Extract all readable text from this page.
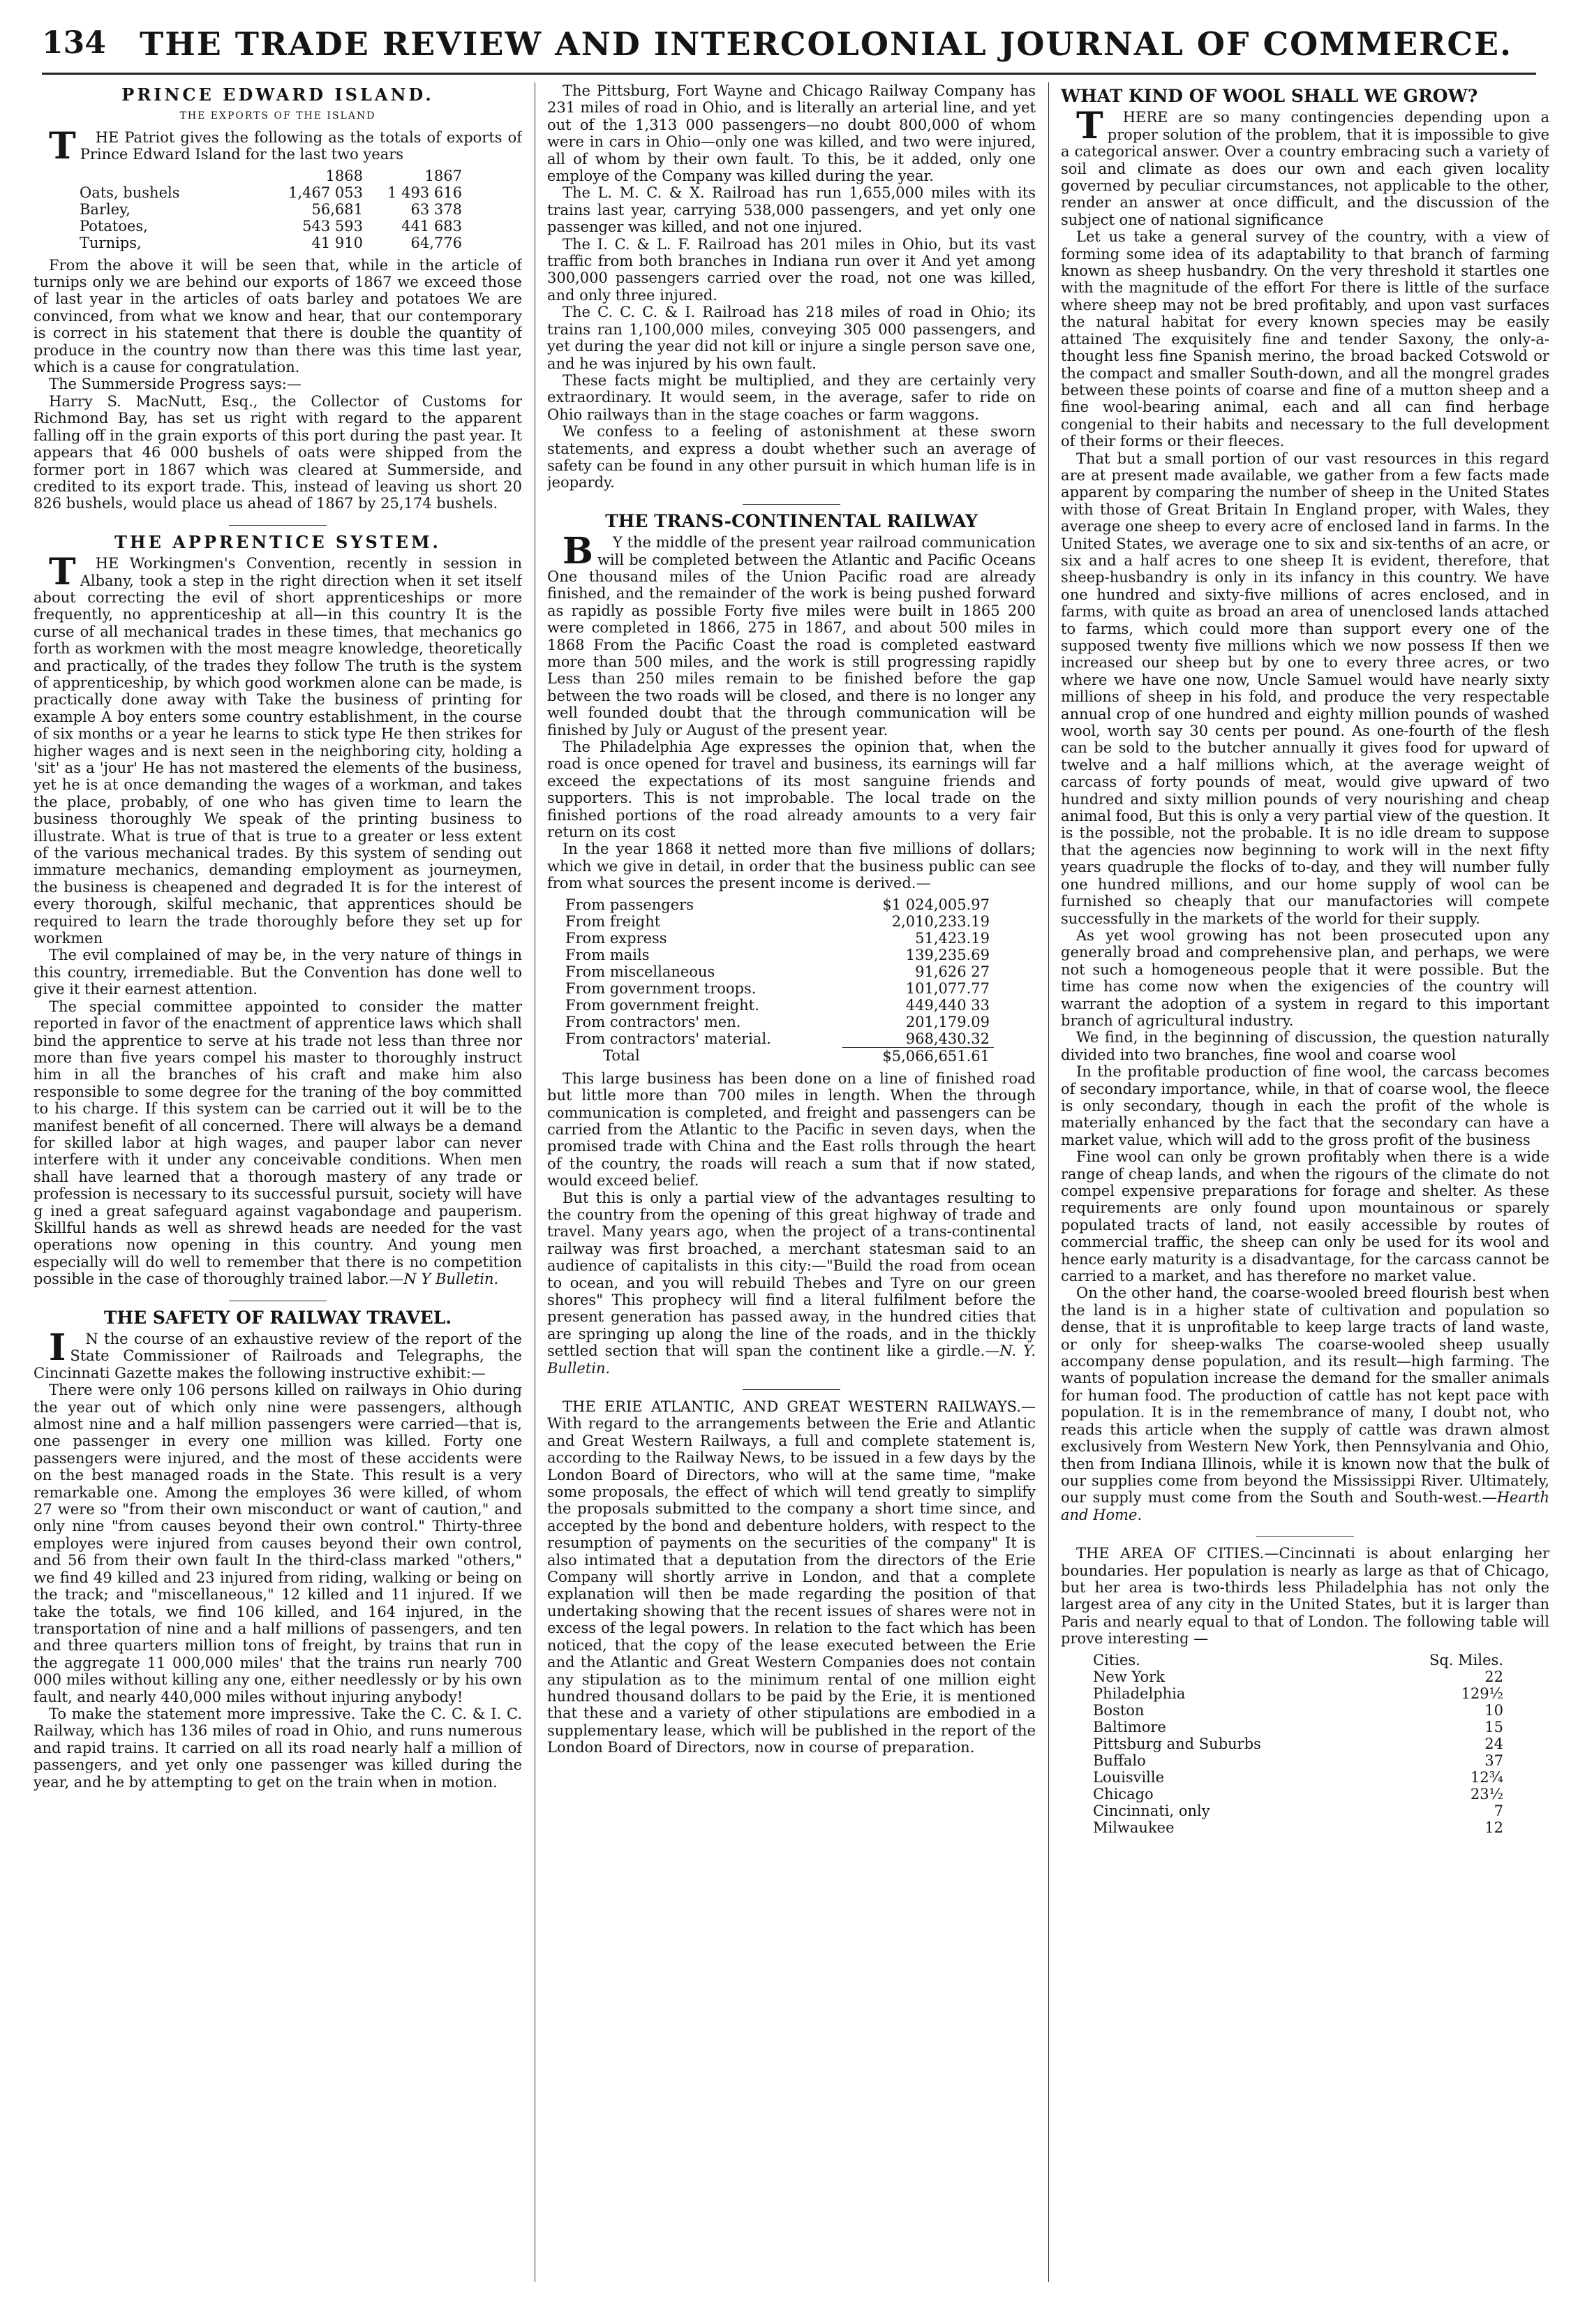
134 THE TRADE REVIEW AND INTERCOLONIAL JOURNAL OF COMMERCE.
PRINCE EDWARD ISLAND.
THE EXPORTS OF THE ISLAND

THE Patriot gives the following as the totals of exports of Prince Edward Island for the last two years

	1868	1867
Oats, bushels	1,467 053	1 493 616
Barley,	56,681	63 378
Potatoes,	543 593	441 683
Turnips,	41 910	64,776

From the above it will be seen that, while in the article of turnips only we are behind our exports of 1867 we exceed those of last year in the articles of oats barley and potatoes We are convinced, from what we know and hear, that our contemporary is correct in his statement that there is double the quantity of produce in the country now than there was this time last year, which is a cause for congratulation.

The Summerside Progress says:—

Harry S. MacNutt, Esq., the Collector of Customs for Richmond Bay, has set us right with regard to the apparent falling off in the grain exports of this port during the past year. It appears that 46 000 bushels of oats were shipped from the former port in 1867 which was cleared at Summerside, and credited to its export trade. This, instead of leaving us short 20 826 bushels, would place us ahead of 1867 by 25,174 bushels.

THE APPRENTICE SYSTEM.

THE Workingmen's Convention, recently in session in Albany, took a step in the right direction when it set itself about correcting the evil of short apprenticeships or more frequently, no apprenticeship at all—in this country It is the curse of all mechanical trades in these times, that mechanics go forth as workmen with the most meagre knowledge, theoretically and practically, of the trades they follow The truth is the system of apprenticeship, by which good workmen alone can be made, is practically done away with Take the business of printing for example A boy enters some country establishment, in the course of six months or a year he learns to stick type He then strikes for higher wages and is next seen in the neighboring city, holding a 'sit' as a 'jour' He has not mastered the elements of the business, yet he is at once demanding the wages of a workman, and takes the place, probably, of one who has given time to learn the business thoroughly We speak of the printing business to illustrate. What is true of that is true to a greater or less extent of the various mechanical trades. By this system of sending out immature mechanics, demanding employment as journeymen, the business is cheapened and degraded It is for the interest of every thorough, skilful mechanic, that apprentices should be required to learn the trade thoroughly before they set up for workmen

The evil complained of may be, in the very nature of things in this country, irremediable. But the Convention has done well to give it their earnest attention.

The special committee appointed to consider the matter reported in favor of the enactment of apprentice laws which shall bind the apprentice to serve at his trade not less than three nor more than five years compel his master to thoroughly instruct him in all the branches of his craft and make him also responsible to some degree for the traning of the boy committed to his charge. If this system can be carried out it will be to the manifest benefit of all concerned. There will always be a demand for skilled labor at high wages, and pauper labor can never interfere with it under any conceivable conditions. When men shall have learned that a thorough mastery of any trade or profession is necessary to its successful pursuit, society will have g ined a great safeguard against vagabondage and pauperism. Skillful hands as well as shrewd heads are needed for the vast operations now opening in this country. And young men especially will do well to remember that there is no competition possible in the case of thoroughly trained labor.—N Y Bulletin.

THE SAFETY OF RAILWAY TRAVEL.

IN the course of an exhaustive review of the report of the State Commissioner of Railroads and Telegraphs, the Cincinnati Gazette makes the following instructive exhibit:—

There were only 106 persons killed on railways in Ohio during the year out of which only nine were passengers, although almost nine and a half million passengers were carried—that is, one passenger in every one million was killed. Forty one passengers were injured, and the most of these accidents were on the best managed roads in the State. This result is a very remarkable one. Among the employes 36 were killed, of whom 27 were so "from their own misconduct or want of caution," and only nine "from causes beyond their own control." Thirty-three employes were injured from causes beyond their own control, and 56 from their own fault In the third-class marked "others," we find 49 killed and 23 injured from riding, walking or being on the track; and "miscellaneous," 12 killed and 11 injured. If we take the totals, we find 106 killed, and 164 injured, in the transportation of nine and a half millions of passengers, and ten and three quarters million tons of freight, by trains that run in the aggregate 11 000,000 miles' that the trains run nearly 700 000 miles without killing any one, either needlessly or by his own fault, and nearly 440,000 miles without injuring anybody!

To make the statement more impressive. Take the C. C. & I. C. Railway, which has 136 miles of road in Ohio, and runs numerous and rapid trains. It carried on all its road nearly half a million of passengers, and yet only one passenger was killed during the year, and he by attempting to get on the train when in motion.

The Pittsburg, Fort Wayne and Chicago Railway Company has 231 miles of road in Ohio, and is literally an arterial line, and yet out of the 1,313 000 passengers—no doubt 800,000 of whom were in cars in Ohio—only one was killed, and two were injured, all of whom by their own fault. To this, be it added, only one employe of the Company was killed during the year.

The L. M. C. & X. Railroad has run 1,655,000 miles with its trains last year, carrying 538,000 passengers, and yet only one passenger was killed, and not one injured.

The I. C. & L. F. Railroad has 201 miles in Ohio, but its vast traffic from both branches in Indiana run over it And yet among 300,000 passengers carried over the road, not one was killed, and only three injured.

The C. C. C. & I. Railroad has 218 miles of road in Ohio; its trains ran 1,100,000 miles, conveying 305 000 passengers, and yet during the year did not kill or injure a single person save one, and he was injured by his own fault.

These facts might be multiplied, and they are certainly very extraordinary. It would seem, in the average, safer to ride on Ohio railways than in the stage coaches or farm waggons.

We confess to a feeling of astonishment at these sworn statements, and express a doubt whether such an average of safety can be found in any other pursuit in which human life is in jeopardy.

THE TRANS-CONTINENTAL RAILWAY

BY the middle of the present year railroad communication will be completed between the Atlantic and Pacific Oceans One thousand miles of the Union Pacific road are already finished, and the remainder of the work is being pushed forward as rapidly as possible Forty five miles were built in 1865 200 were completed in 1866, 275 in 1867, and about 500 miles in 1868 From the Pacific Coast the road is completed eastward more than 500 miles, and the work is still progressing rapidly Less than 250 miles remain to be finished before the gap between the two roads will be closed, and there is no longer any well founded doubt that the through communication will be finished by July or August of the present year.

The Philadelphia Age expresses the opinion that, when the road is once opened for travel and business, its earnings will far exceed the expectations of its most sanguine friends and supporters. This is not improbable. The local trade on the finished portions of the road already amounts to a very fair return on its cost

In the year 1868 it netted more than five millions of dollars; which we give in detail, in order that the business public can see from what sources the present income is derived.—

From passengers	$1 024,005.97
From freight	2,010,233.19
From express	51,423.19
From mails	139,235.69
From miscellaneous	91,626 27
From government troops.	101,077.77
From government freight.	449,440 33
From contractors' men.	201,179.09
From contractors' material.	968,430.32
Total	$5,066,651.61

This large business has been done on a line of finished road but little more than 700 miles in length. When the through communication is completed, and freight and passengers can be carried from the Atlantic to the Pacific in seven days, when the promised trade with China and the East rolls through the heart of the country, the roads will reach a sum that if now stated, would exceed belief.

But this is only a partial view of the advantages resulting to the country from the opening of this great highway of trade and travel. Many years ago, when the project of a trans-continental railway was first broached, a merchant statesman said to an audience of capitalists in this city:—"Build the road from ocean to ocean, and you will rebuild Thebes and Tyre on our green shores" This prophecy will find a literal fulfilment before the present generation has passed away, in the hundred cities that are springing up along the line of the roads, and in the thickly settled section that will span the continent like a girdle.—N. Y. Bulletin.

THE ERIE ATLANTIC, AND GREAT WESTERN RAILWAYS.—With regard to the arrangements between the Erie and Atlantic and Great Western Railways, a full and complete statement is, according to the Railway News, to be issued in a few days by the London Board of Directors, who will at the same time, "make some proposals, the effect of which will tend greatly to simplify the proposals submitted to the company a short time since, and accepted by the bond and debenture holders, with respect to the resumption of payments on the securities of the company" It is also intimated that a deputation from the directors of the Erie Company will shortly arrive in London, and that a complete explanation will then be made regarding the position of that undertaking showing that the recent issues of shares were not in excess of the legal powers. In relation to the fact which has been noticed, that the copy of the lease executed between the Erie and the Atlantic and Great Western Companies does not contain any stipulation as to the minimum rental of one million eight hundred thousand dollars to be paid by the Erie, it is mentioned that these and a variety of other stipulations are embodied in a supplementary lease, which will be published in the report of the London Board of Directors, now in course of preparation.

WHAT KIND OF WOOL SHALL WE GROW?

THERE are so many contingencies depending upon a proper solution of the problem, that it is impossible to give a categorical answer. Over a country embracing such a variety of soil and climate as does our own and each given locality governed by peculiar circumstances, not applicable to the other, render an answer at once difficult, and the discussion of the subject one of national significance

Let us take a general survey of the country, with a view of forming some idea of its adaptability to that branch of farming known as sheep husbandry. On the very threshold it startles one with the magnitude of the effort For there is little of the surface where sheep may not be bred profitably, and upon vast surfaces the natural habitat for every known species may be easily attained The exquisitely fine and tender Saxony, the only-a-thought less fine Spanish merino, the broad backed Cotswold or the compact and smaller South-down, and all the mongrel grades between these points of coarse and fine of a mutton sheep and a fine wool-bearing animal, each and all can find herbage congenial to their habits and necessary to the full development of their forms or their fleeces.

That but a small portion of our vast resources in this regard are at present made available, we gather from a few facts made apparent by comparing the number of sheep in the United States with those of Great Britain In England proper, with Wales, they average one sheep to every acre of enclosed land in farms. In the United States, we average one to six and six-tenths of an acre, or six and a half acres to one sheep It is evident, therefore, that sheep-husbandry is only in its infancy in this country. We have one hundred and sixty-five millions of acres enclosed, and in farms, with quite as broad an area of unenclosed lands attached to farms, which could more than support every one of the supposed twenty five millions which we now possess If then we increased our sheep but by one to every three acres, or two where we have one now, Uncle Samuel would have nearly sixty millions of sheep in his fold, and produce the very respectable annual crop of one hundred and eighty million pounds of washed wool, worth say 30 cents per pound. As one-fourth of the flesh can be sold to the butcher annually it gives food for upward of twelve and a half millions which, at the average weight of carcass of forty pounds of meat, would give upward of two hundred and sixty million pounds of very nourishing and cheap animal food, But this is only a very partial view of the question. It is the possible, not the probable. It is no idle dream to suppose that the agencies now beginning to work will in the next fifty years quadruple the flocks of to-day, and they will number fully one hundred millions, and our home supply of wool can be furnished so cheaply that our manufactories will compete successfully in the markets of the world for their supply.

As yet wool growing has not been prosecuted upon any generally broad and comprehensive plan, and perhaps, we were not such a homogeneous people that it were possible. But the time has come now when the exigencies of the country will warrant the adoption of a system in regard to this important branch of agricultural industry.

We find, in the beginning of discussion, the question naturally divided into two branches, fine wool and coarse wool

In the profitable production of fine wool, the carcass becomes of secondary importance, while, in that of coarse wool, the fleece is only secondary, though in each the profit of the whole is materially enhanced by the fact that the secondary can have a market value, which will add to the gross profit of the business

Fine wool can only be grown profitably when there is a wide range of cheap lands, and when the rigours of the climate do not compel expensive preparations for forage and shelter. As these requirements are only found upon mountainous or sparely populated tracts of land, not easily accessible by routes of commercial traffic, the sheep can only be used for its wool and hence early maturity is a disadvantage, for the carcass cannot be carried to a market, and has therefore no market value.

On the other hand, the coarse-wooled breed flourish best when the land is in a higher state of cultivation and population so dense, that it is unprofitable to keep large tracts of land waste, or only for sheep-walks The coarse-wooled sheep usually accompany dense population, and its result—high farming. The wants of population increase the demand for the smaller animals for human food. The production of cattle has not kept pace with population. It is in the remembrance of many, I doubt not, who reads this article when the supply of cattle was drawn almost exclusively from Western New York, then Pennsylvania and Ohio, then from Indiana Illinois, while it is known now that the bulk of our supplies come from beyond the Mississippi River. Ultimately, our supply must come from the South and South-west.—Hearth and Home.

THE AREA OF CITIES.—Cincinnati is about enlarging her boundaries. Her population is nearly as large as that of Chicago, but her area is two-thirds less Philadelphia has not only the largest area of any city in the United States, but it is larger than Paris and nearly equal to that of London. The following table will prove interesting —

Cities.	Sq. Miles.
New York	22
Philadelphia	129½
Boston	10
Baltimore	15
Pittsburg and Suburbs	24
Buffalo	37
Louisville	12¾
Chicago	23½
Cincinnati, only	7
Milwaukee	12
